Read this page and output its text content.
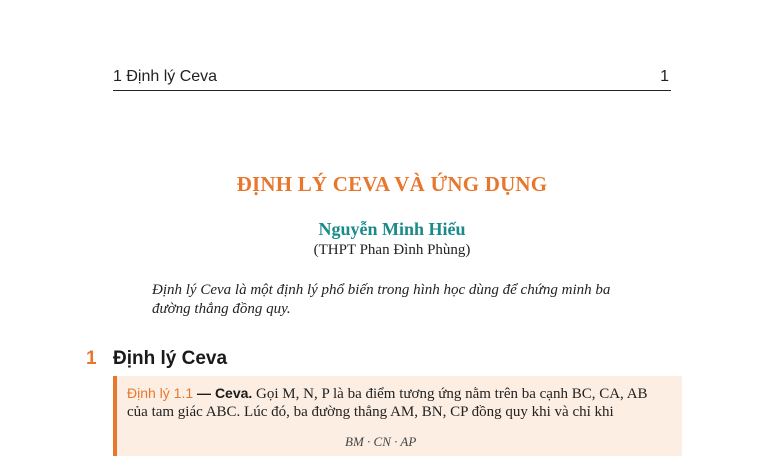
1 Định lý Ceva	1
ĐỊNH LÝ CEVA VÀ ỨNG DỤNG
Nguyễn Minh Hiếu
(THPT Phan Đình Phùng)
Định lý Ceva là một định lý phổ biến trong hình học dùng để chứng minh ba đường thẳng đồng quy.
1 Định lý Ceva
Định lý 1.1 — Ceva. Gọi M, N, P là ba điểm tương ứng nằm trên ba cạnh BC, CA, AB
của tam giác ABC. Lúc đó, ba đường thẳng AM, BN, CP đồng quy khi và chỉ khi
BM · CN · AP
